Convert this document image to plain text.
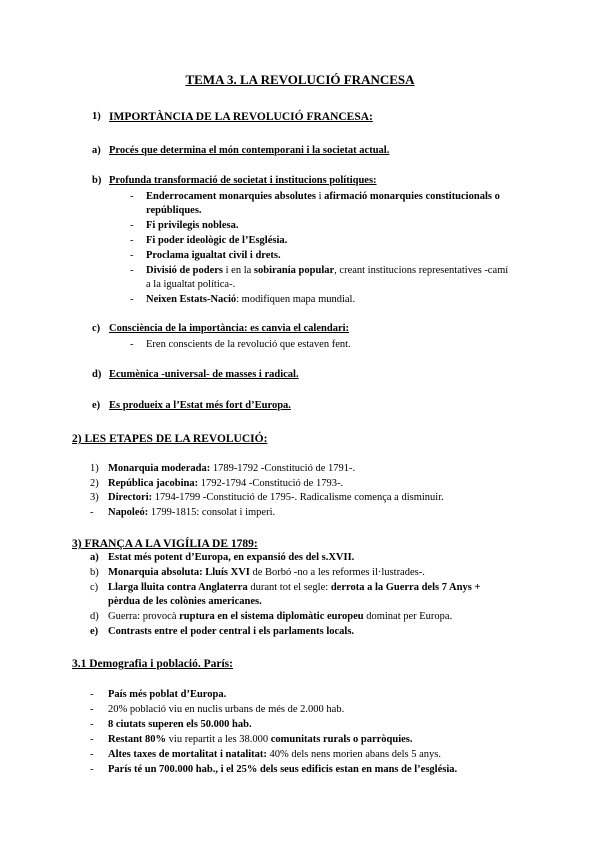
TEMA 3. LA REVOLUCIÓ FRANCESA
1) IMPORTÀNCIA DE LA REVOLUCIÓ FRANCESA:
a) Procés que determina el món contemporani i la societat actual.
b) Profunda transformació de societat i institucions polítiques:
- Enderrocament monarquies absolutes i afirmació monarquies constitucionals o
repúbliques.
- Fi privilegis noblesa.
- Fi poder ideològic de l’Església.
- Proclama igualtat civil i drets.
- Divisió de poders i en la sobirania popular, creant institucions representatives -camí
a la igualtat política-.
- Neixen Estats-Nació: modifiquen mapa mundial.
c) Consciència de la importància: es canvia el calendari:
- Eren conscients de la revolució que estaven fent.
d) Ecumènica -universal- de masses i radical.
e) Es produeix a l’Estat més fort d’Europa.
2) LES ETAPES DE LA REVOLUCIÓ:
1) Monarquia moderada: 1789-1792 -Constitució de 1791-.
2) República jacobina: 1792-1794 -Constitució de 1793-.
3) Directori: 1794-1799 -Constitució de 1795-. Radicalisme comença a disminuir.
- Napoleó: 1799-1815: consolat i imperi.
3) FRANÇA A LA VIGÍLIA DE 1789:
a) Estat més potent d’Europa, en expansió des del s.XVII.
b) Monarquia absoluta: Lluís XVI de Borbó -no a les reformes il·lustrades-.
c) Llarga lluita contra Anglaterra durant tot el segle: derrota a la Guerra dels 7 Anys +
pèrdua de les colònies americanes.
d) Guerra: provocà ruptura en el sistema diplomàtic europeu dominat per Europa.
e) Contrasts entre el poder central i els parlaments locals.
3.1 Demografia i població. París:
- País més poblat d’Europa.
- 20% població viu en nuclis urbans de més de 2.000 hab.
- 8 ciutats superen els 50.000 hab.
- Restant 80% viu repartit a les 38.000 comunitats rurals o parròquies.
- Altes taxes de mortalitat i natalitat: 40% dels nens morien abans dels 5 anys.
- París té un 700.000 hab., i el 25% dels seus edificis estan en mans de l’església.
